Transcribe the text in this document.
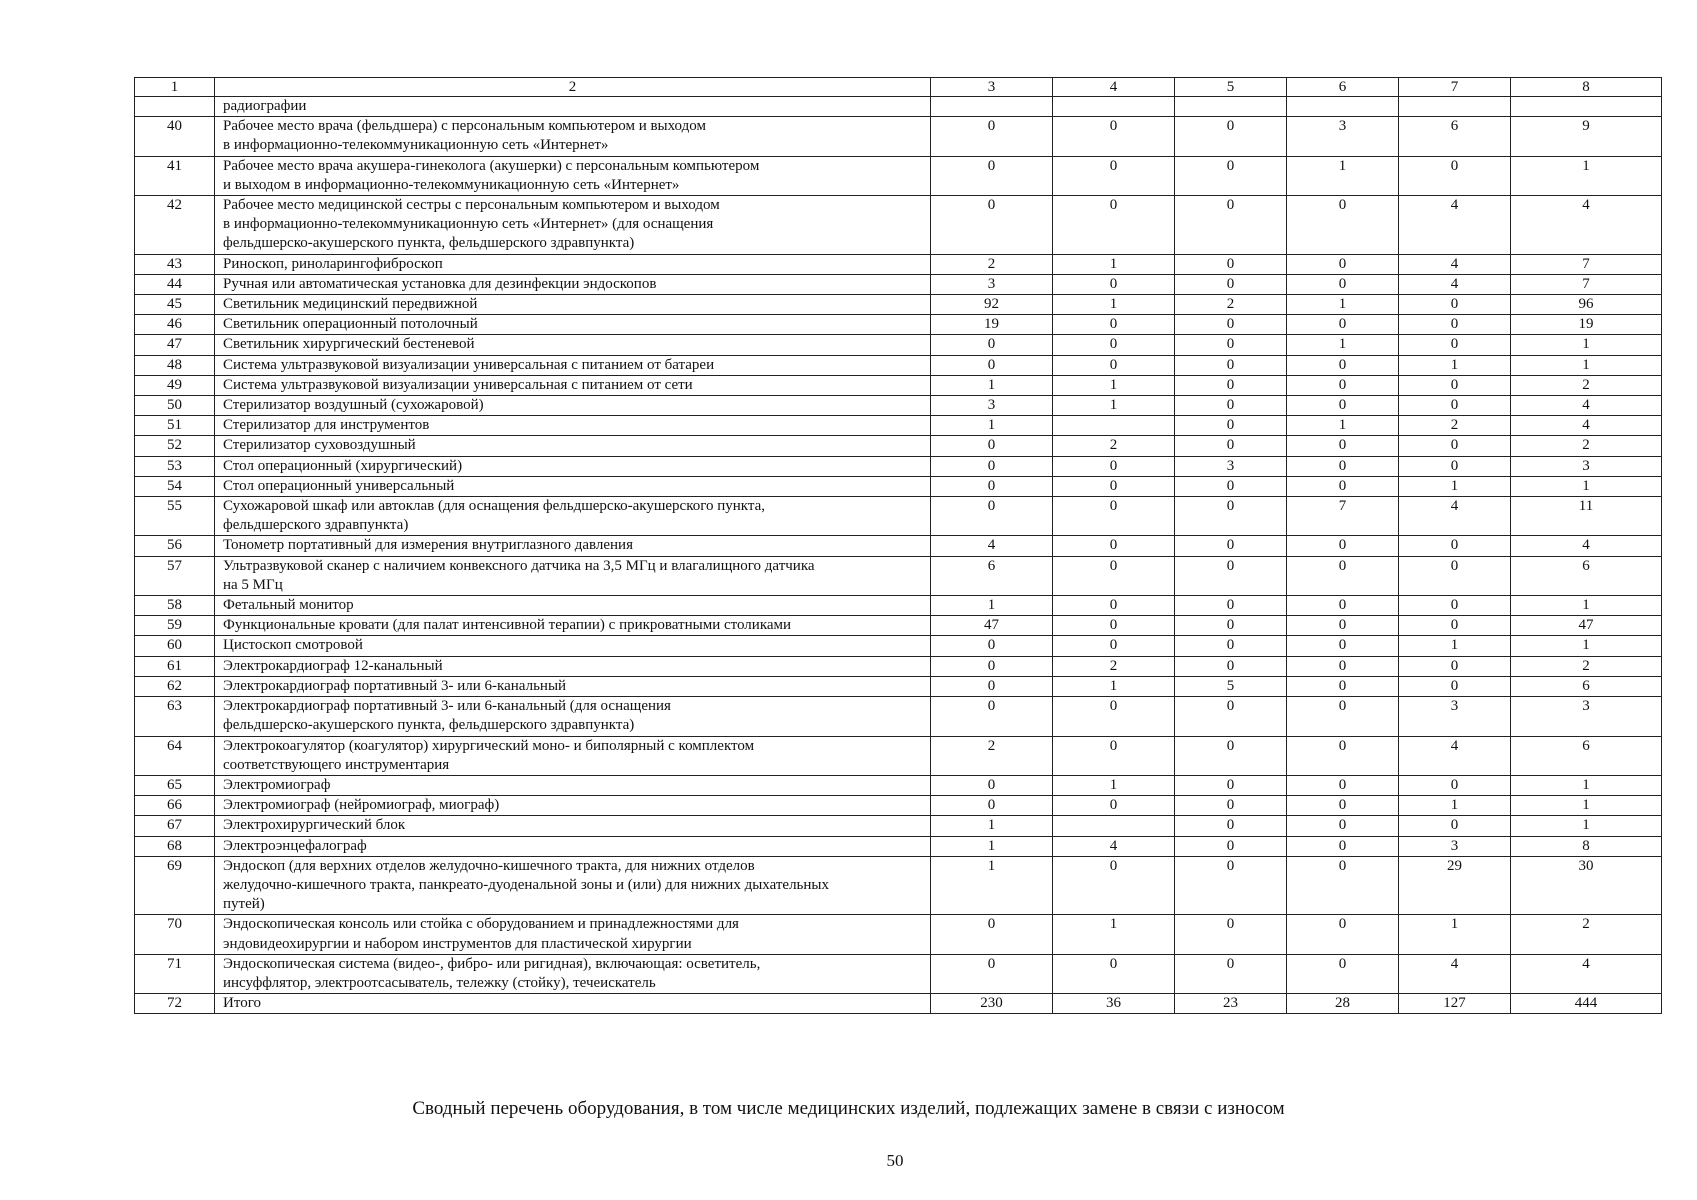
1	2	3	4	5	6	7	8
	радиографии						
40	Рабочее место врача (фельдшера) с персональным компьютером и выходом
в информационно-телекоммуникационную сеть «Интернет»	0	0	0	3	6	9
41	Рабочее место врача акушера-гинеколога (акушерки) с персональным компьютером
и выходом в информационно-телекоммуникационную сеть «Интернет»	0	0	0	1	0	1
42	Рабочее место медицинской сестры с персональным компьютером и выходом
в информационно-телекоммуникационную сеть «Интернет» (для оснащения
фельдшерско-акушерского пункта, фельдшерского здравпункта)	0	0	0	0	4	4
43	Риноскоп, риноларингофиброскоп	2	1	0	0	4	7
44	Ручная или автоматическая установка для дезинфекции эндоскопов	3	0	0	0	4	7
45	Светильник медицинский передвижной	92	1	2	1	0	96
46	Светильник операционный потолочный	19	0	0	0	0	19
47	Светильник хирургический бестеневой	0	0	0	1	0	1
48	Система ультразвуковой визуализации универсальная с питанием от батареи	0	0	0	0	1	1
49	Система ультразвуковой визуализации универсальная с питанием от сети	1	1	0	0	0	2
50	Стерилизатор воздушный (сухожаровой)	3	1	0	0	0	4
51	Стерилизатор для инструментов	1		0	1	2	4
52	Стерилизатор суховоздушный	0	2	0	0	0	2
53	Стол операционный (хирургический)	0	0	3	0	0	3
54	Стол операционный универсальный	0	0	0	0	1	1
55	Сухожаровой шкаф или автоклав (для оснащения фельдшерско-акушерского пункта,
фельдшерского здравпункта)	0	0	0	7	4	11
56	Тонометр портативный для измерения внутриглазного давления	4	0	0	0	0	4
57	Ультразвуковой сканер с наличием конвексного датчика на 3,5 МГц и влагалищного датчика
на 5 МГц	6	0	0	0	0	6
58	Фетальный монитор	1	0	0	0	0	1
59	Функциональные кровати (для палат интенсивной терапии) с прикроватными столиками	47	0	0	0	0	47
60	Цистоскоп смотровой	0	0	0	0	1	1
61	Электрокардиограф 12-канальный	0	2	0	0	0	2
62	Электрокардиограф портативный 3- или 6-канальный	0	1	5	0	0	6
63	Электрокардиограф портативный 3- или 6-канальный (для оснащения
фельдшерско-акушерского пункта, фельдшерского здравпункта)	0	0	0	0	3	3
64	Электрокоагулятор (коагулятор) хирургический моно- и биполярный с комплектом
соответствующего инструментария	2	0	0	0	4	6
65	Электромиограф	0	1	0	0	0	1
66	Электромиограф (нейромиограф, миограф)	0	0	0	0	1	1
67	Электрохирургический блок	1		0	0	0	1
68	Электроэнцефалограф	1	4	0	0	3	8
69	Эндоскоп (для верхних отделов желудочно-кишечного тракта, для нижних отделов
желудочно-кишечного тракта, панкреато-дуоденальной зоны и (или) для нижних дыхательных
путей)	1	0	0	0	29	30
70	Эндоскопическая консоль или стойка с оборудованием и принадлежностями для
эндовидеохирургии и набором инструментов для пластической хирургии	0	1	0	0	1	2
71	Эндоскопическая система (видео-, фибро- или ригидная), включающая: осветитель,
инсуффлятор, электроотсасыватель, тележку (стойку), течеискатель	0	0	0	0	4	4
72	Итого	230	36	23	28	127	444
Сводный перечень оборудования, в том числе медицинских изделий, подлежащих замене в связи с износом
50
